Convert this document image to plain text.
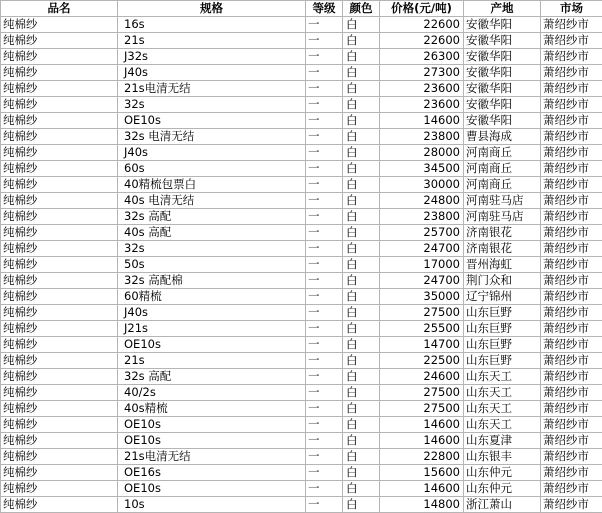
品名	规格	等级	颜色	价格(元/吨)	产地	市场
纯棉纱	16s	一	白	22600	安徽华阳	萧绍纱市
纯棉纱	21s	一	白	22600	安徽华阳	萧绍纱市
纯棉纱	J32s	一	白	26300	安徽华阳	萧绍纱市
纯棉纱	J40s	一	白	27300	安徽华阳	萧绍纱市
纯棉纱	21s电清无结	一	白	23600	安徽华阳	萧绍纱市
纯棉纱	32s	一	白	23600	安徽华阳	萧绍纱市
纯棉纱	OE10s	一	白	14600	安徽华阳	萧绍纱市
纯棉纱	32s 电清无结	一	白	23800	曹县海成	萧绍纱市
纯棉纱	J40s	一	白	28000	河南商丘	萧绍纱市
纯棉纱	60s	一	白	34500	河南商丘	萧绍纱市
纯棉纱	40精梳包票白	一	白	30000	河南商丘	萧绍纱市
纯棉纱	40s 电清无结	一	白	24800	河南驻马店	萧绍纱市
纯棉纱	32s 高配	一	白	23800	河南驻马店	萧绍纱市
纯棉纱	40s 高配	一	白	25700	济南银花	萧绍纱市
纯棉纱	32s	一	白	24700	济南银花	萧绍纱市
纯棉纱	50s	一	白	17000	晋州海虹	萧绍纱市
纯棉纱	32s 高配棉	一	白	24700	荆门众和	萧绍纱市
纯棉纱	60精梳	一	白	35000	辽宁锦州	萧绍纱市
纯棉纱	J40s	一	白	27500	山东巨野	萧绍纱市
纯棉纱	J21s	一	白	25500	山东巨野	萧绍纱市
纯棉纱	OE10s	一	白	14700	山东巨野	萧绍纱市
纯棉纱	21s	一	白	22500	山东巨野	萧绍纱市
纯棉纱	32s 高配	一	白	24600	山东天工	萧绍纱市
纯棉纱	40/2s	一	白	27500	山东天工	萧绍纱市
纯棉纱	40s精梳	一	白	27500	山东天工	萧绍纱市
纯棉纱	OE10s	一	白	14600	山东天工	萧绍纱市
纯棉纱	OE10s	一	白	14600	山东夏津	萧绍纱市
纯棉纱	21s电清无结	一	白	22800	山东银丰	萧绍纱市
纯棉纱	OE16s	一	白	15600	山东仲元	萧绍纱市
纯棉纱	OE10s	一	白	14600	山东仲元	萧绍纱市
纯棉纱	10s	一	白	14800	浙江萧山	萧绍纱市
